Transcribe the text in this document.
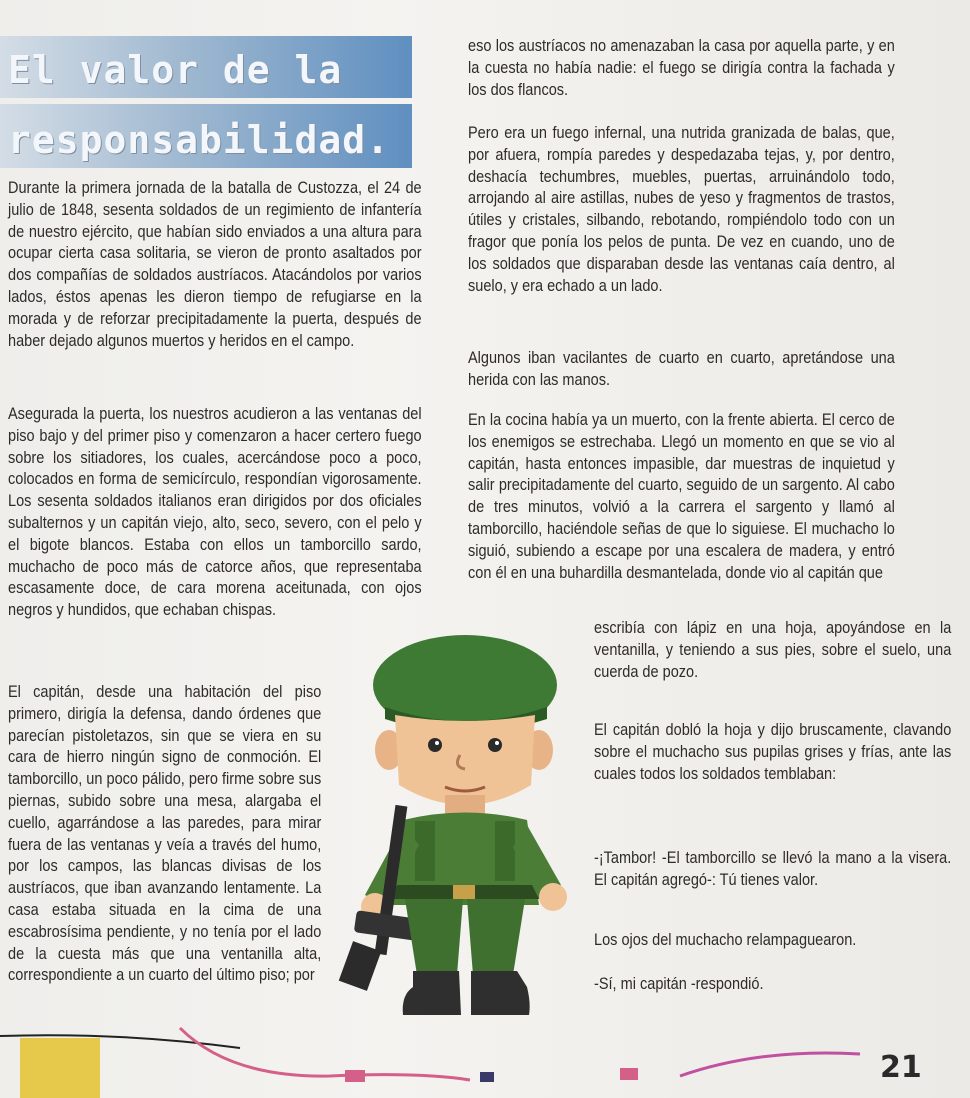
El valor de la
responsabilidad.

Durante la primera jornada de la batalla de Custozza, el 24 de julio de 1848, sesenta soldados de un regimiento de infantería de nuestro ejército, que habían sido enviados a una altura para ocupar cierta casa solitaria, se vieron de pronto asaltados por dos compañías de soldados austríacos. Atacándolos por varios lados, éstos apenas les dieron tiempo de refugiarse en la morada y de reforzar precipitadamente la puerta, después de haber dejado algunos muertos y heridos en el campo.

Asegurada la puerta, los nuestros acudieron a las ventanas del piso bajo y del primer piso y comenzaron a hacer certero fuego sobre los sitiadores, los cuales, acercándose poco a poco, colocados en forma de semicírculo, respondían vigorosamente. Los sesenta soldados italianos eran dirigidos por dos oficiales subalternos y un capitán viejo, alto, seco, severo, con el pelo y el bigote blancos. Estaba con ellos un tamborcillo sardo, muchacho de poco más de catorce años, que representaba escasamente doce, de cara morena aceitunada, con ojos negros y hundidos, que echaban chispas.

El capitán, desde una habitación del piso primero, dirigía la defensa, dando órdenes que parecían pistoletazos, sin que se viera en su cara de hierro ningún signo de conmoción. El tamborcillo, un poco pálido, pero firme sobre sus piernas, subido sobre una mesa, alargaba el cuello, agarrándose a las paredes, para mirar fuera de las ventanas y veía a través del humo, por los campos, las blancas divisas de los austríacos, que iban avanzando lentamente. La casa estaba situada en la cima de una escabrosísima pendiente, y no tenía por el lado de la cuesta más que una ventanilla alta, correspondiente a un cuarto del último piso; por

eso los austríacos no amenazaban la casa por aquella parte, y en la cuesta no había nadie: el fuego se dirigía contra la fachada y los dos flancos.

Pero era un fuego infernal, una nutrida granizada de balas, que, por afuera, rompía paredes y despedazaba tejas, y, por dentro, deshacía techumbres, muebles, puertas, arruinándolo todo, arrojando al aire astillas, nubes de yeso y fragmentos de trastos, útiles y cristales, silbando, rebotando, rompiéndolo todo con un fragor que ponía los pelos de punta. De vez en cuando, uno de los soldados que disparaban desde las ventanas caía dentro, al suelo, y era echado a un lado.

Algunos iban vacilantes de cuarto en cuarto, apretándose una herida con las manos.

En la cocina había ya un muerto, con la frente abierta. El cerco de los enemigos se estrechaba. Llegó un momento en que se vio al capitán, hasta entonces impasible, dar muestras de inquietud y salir precipitadamente del cuarto, seguido de un sargento. Al cabo de tres minutos, volvió a la carrera el sargento y llamó al tamborcillo, haciéndole señas de que lo siguiese. El muchacho lo siguió, subiendo a escape por una escalera de madera, y entró con él en una buhardilla desmantelada, donde vio al capitán que

escribía con lápiz en una hoja, apoyándose en la ventanilla, y teniendo a sus pies, sobre el suelo, una cuerda de pozo.

El capitán dobló la hoja y dijo bruscamente, clavando sobre el muchacho sus pupilas grises y frías, ante las cuales todos los soldados temblaban:

-¡Tambor! -El tamborcillo se llevó la mano a la visera. El capitán agregó-: Tú tienes valor.

Los ojos del muchacho relampaguearon.

-Sí, mi capitán -respondió.

21
